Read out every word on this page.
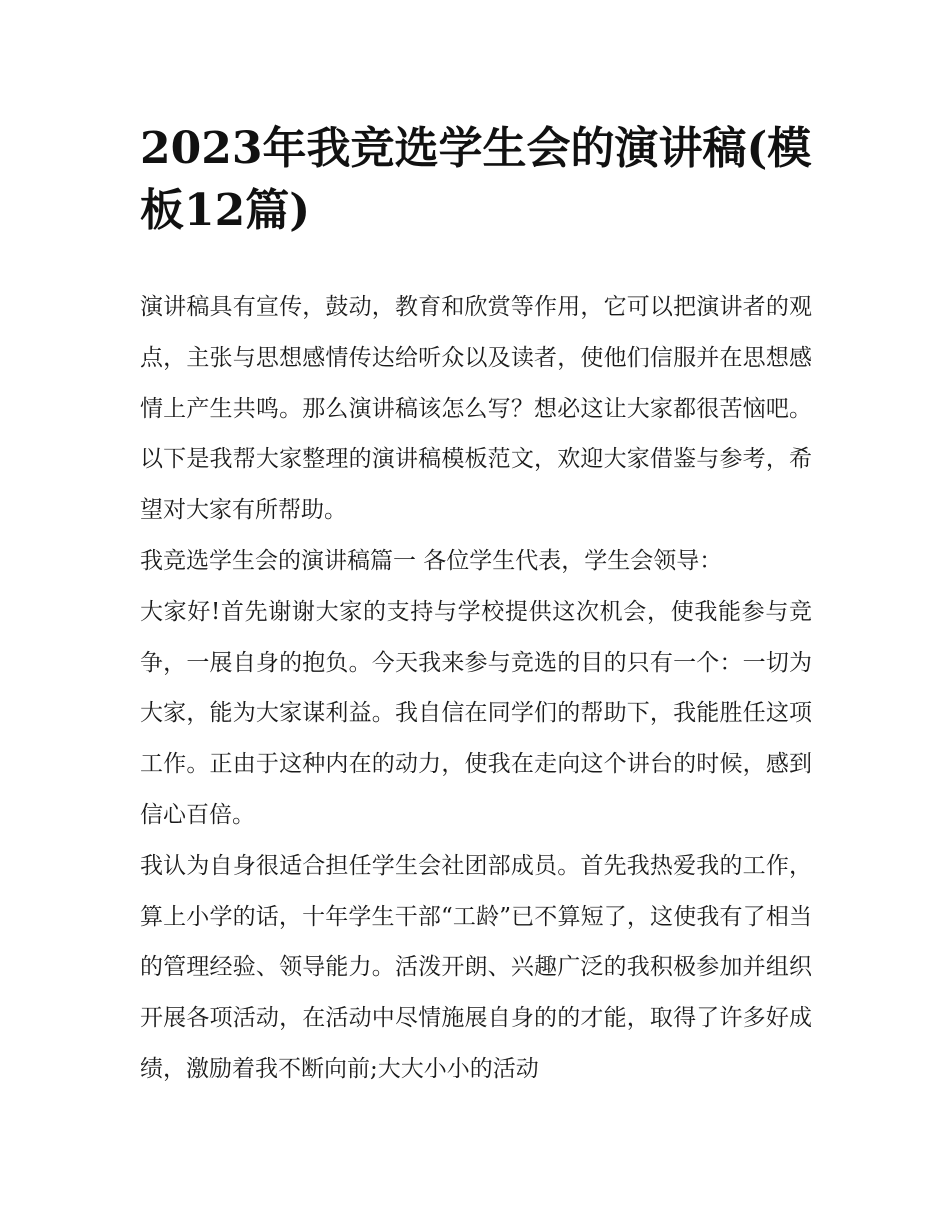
2023年我竞选学生会的演讲稿(模板12篇)

演讲稿具有宣传，鼓动，教育和欣赏等作用，它可以把演讲者的观点，主张与思想感情传达给听众以及读者，使他们信服并在思想感情上产生共鸣。那么演讲稿该怎么写？想必这让大家都很苦恼吧。以下是我帮大家整理的演讲稿模板范文，欢迎大家借鉴与参考，希望对大家有所帮助。

我竞选学生会的演讲稿篇一 各位学生代表，学生会领导：

大家好!首先谢谢大家的支持与学校提供这次机会，使我能参与竞争，一展自身的抱负。今天我来参与竞选的目的只有一个：一切为大家，能为大家谋利益。我自信在同学们的帮助下，我能胜任这项工作。正由于这种内在的动力，使我在走向这个讲台的时候，感到信心百倍。

我认为自身很适合担任学生会社团部成员。首先我热爱我的工作，算上小学的话，十年学生干部“工龄”已不算短了，这使我有了相当的管理经验、领导能力。活泼开朗、兴趣广泛的我积极参加并组织开展各项活动，在活动中尽情施展自身的的才能，取得了许多好成绩，激励着我不断向前;大大小小的活动
